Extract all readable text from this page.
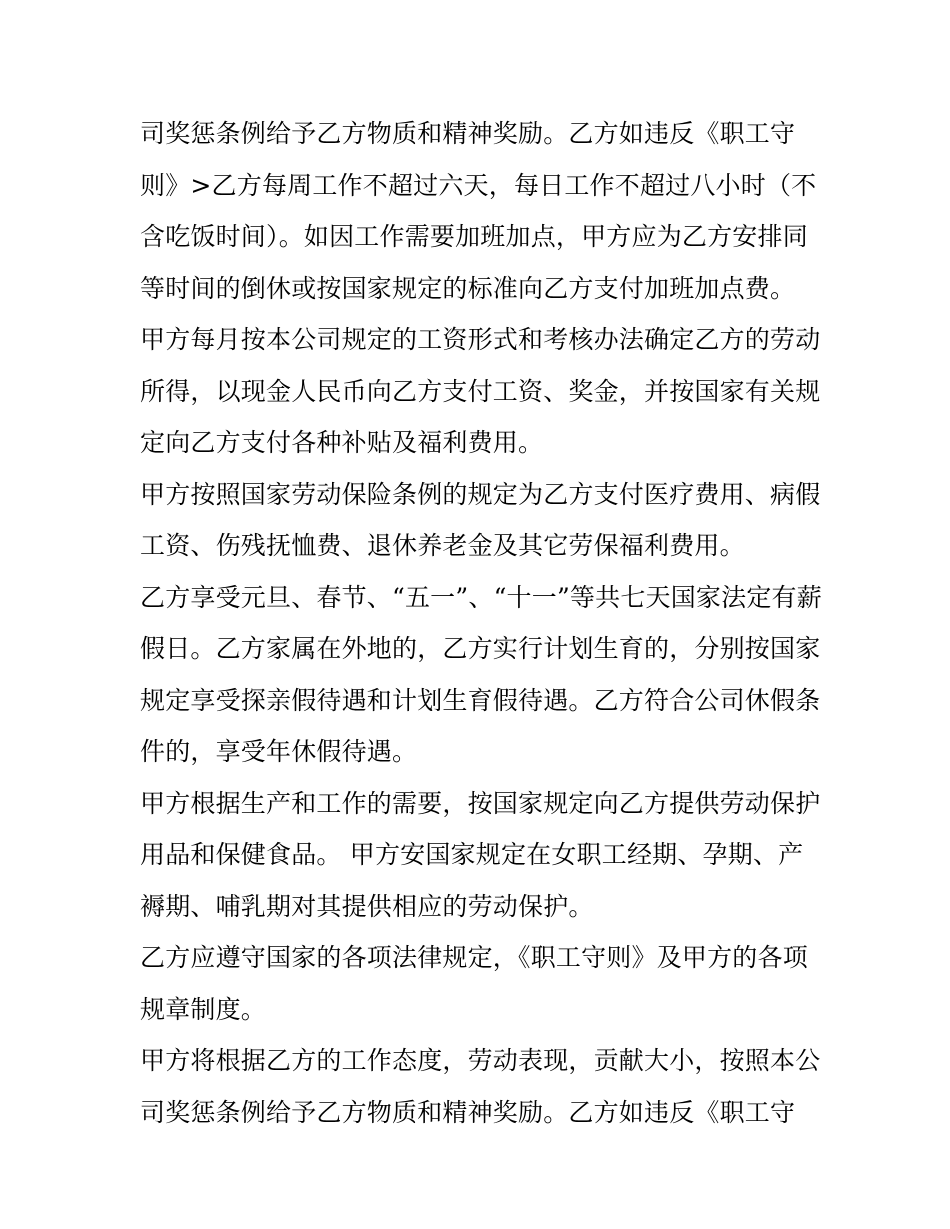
司奖惩条例给予乙方物质和精神奖励。乙方如违反《职工守
则》>乙方每周工作不超过六天，每日工作不超过八小时（不
含吃饭时间）。如因工作需要加班加点，甲方应为乙方安排同
等时间的倒休或按国家规定的标准向乙方支付加班加点费。
甲方每月按本公司规定的工资形式和考核办法确定乙方的劳动
所得，以现金人民币向乙方支付工资、奖金，并按国家有关规
定向乙方支付各种补贴及福利费用。
甲方按照国家劳动保险条例的规定为乙方支付医疗费用、病假
工资、伤残抚恤费、退休养老金及其它劳保福利费用。
乙方享受元旦、春节、“五一”、“十一”等共七天国家法定有薪
假日。乙方家属在外地的，乙方实行计划生育的，分别按国家
规定享受探亲假待遇和计划生育假待遇。乙方符合公司休假条
件的，享受年休假待遇。
甲方根据生产和工作的需要，按国家规定向乙方提供劳动保护
用品和保健食品。 甲方安国家规定在女职工经期、孕期、产
褥期、哺乳期对其提供相应的劳动保护。
乙方应遵守国家的各项法律规定，《职工守则》及甲方的各项
规章制度。
甲方将根据乙方的工作态度，劳动表现，贡献大小，按照本公
司奖惩条例给予乙方物质和精神奖励。乙方如违反《职工守
